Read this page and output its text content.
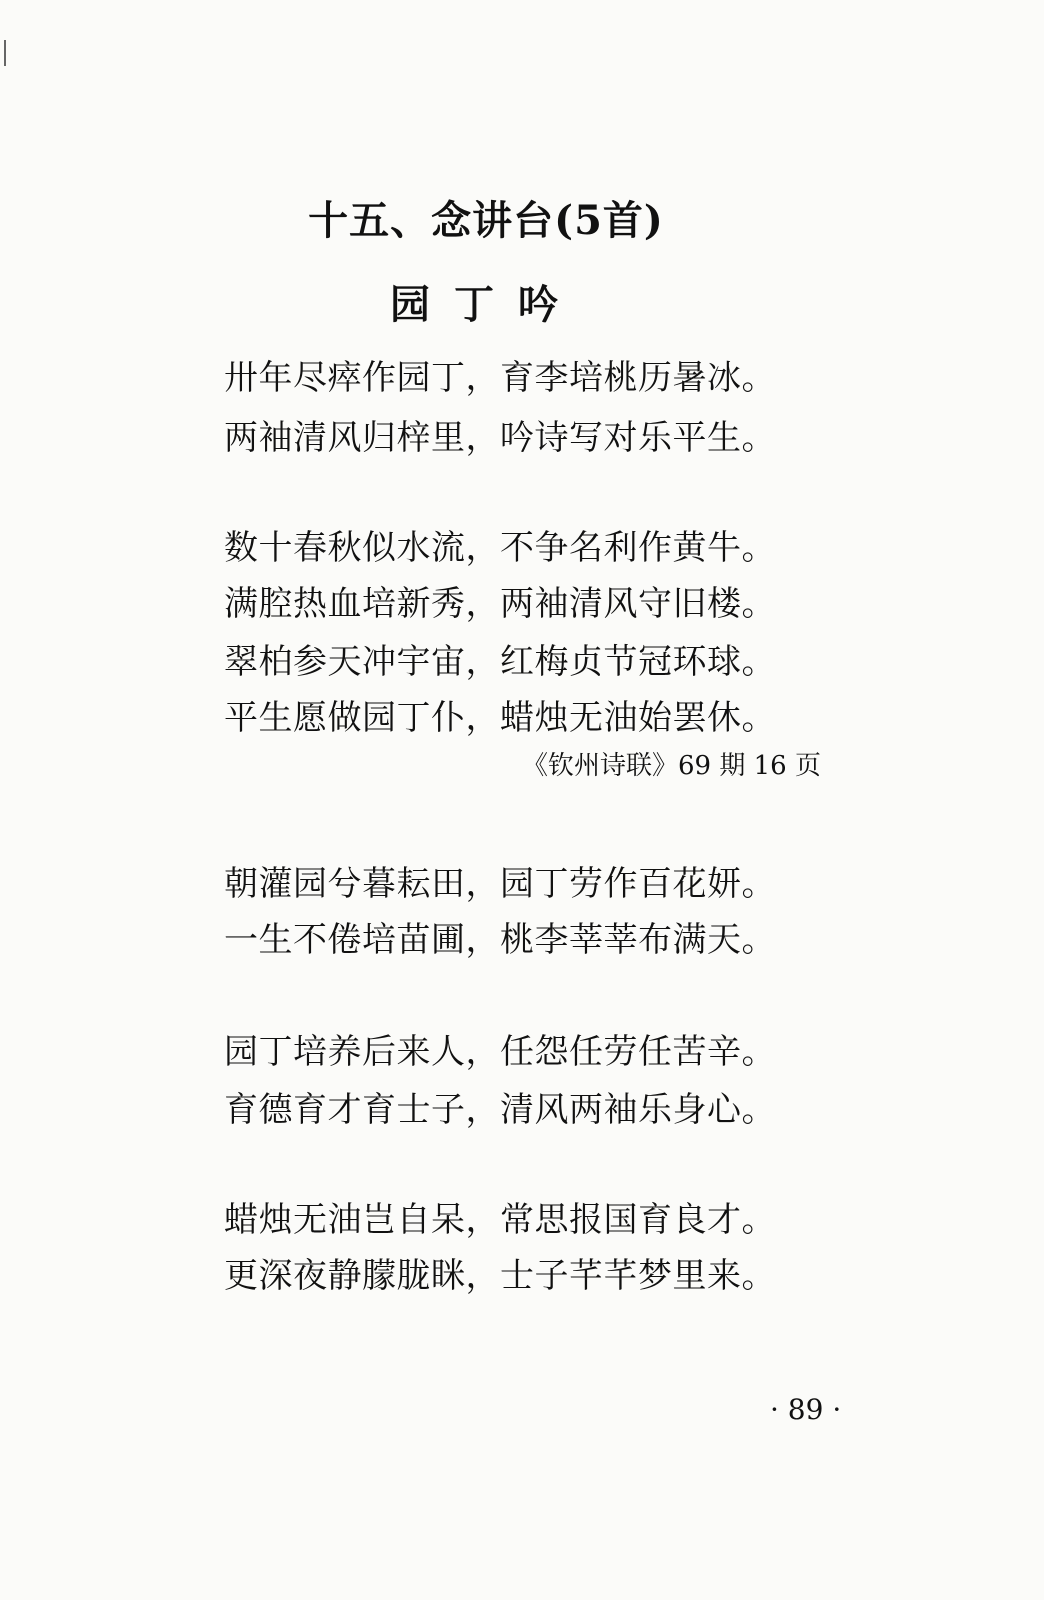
十五、念讲台(5首)
园丁吟
卅年尽瘁作园丁，育李培桃历暑冰。
两袖清风归梓里，吟诗写对乐平生。
数十春秋似水流，不争名利作黄牛。
满腔热血培新秀，两袖清风守旧楼。
翠柏参天冲宇宙，红梅贞节冠环球。
平生愿做园丁仆，蜡烛无油始罢休。
《钦州诗联》69 期 16 页
朝灌园兮暮耘田，园丁劳作百花妍。
一生不倦培苗圃，桃李莘莘布满天。
园丁培养后来人，任怨任劳任苦辛。
育德育才育士子，清风两袖乐身心。
蜡烛无油岂自呆，常思报国育良才。
更深夜静朦胧眯，士子芊芊梦里来。
· 89 ·
